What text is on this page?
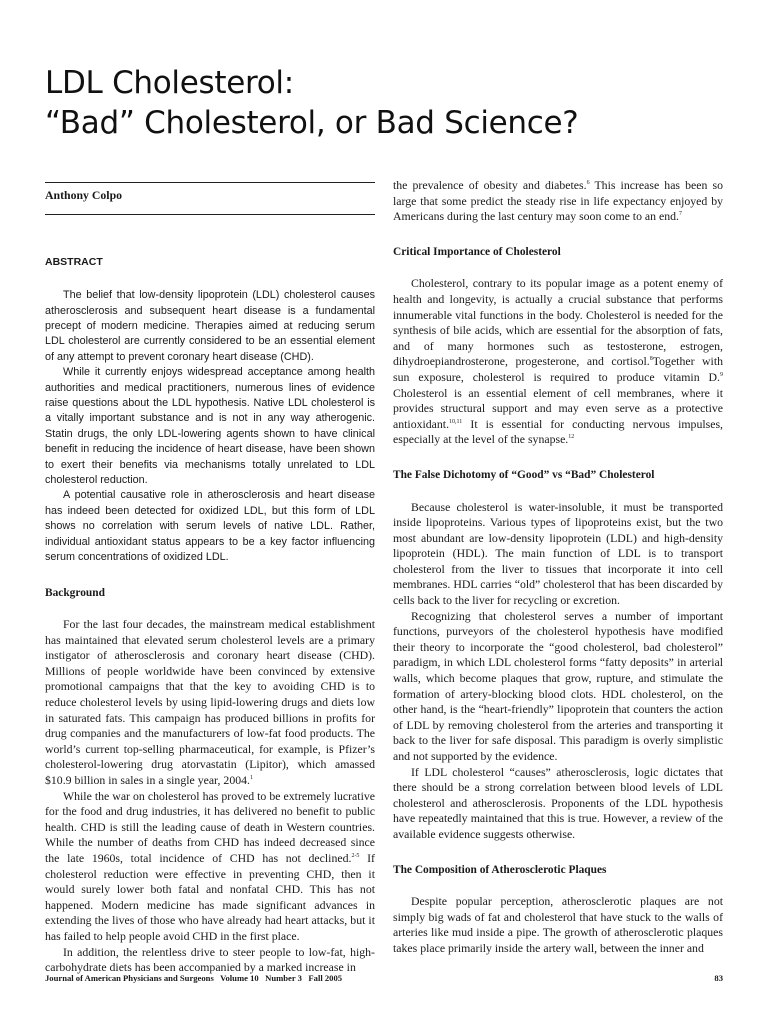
LDL Cholesterol:
“Bad” Cholesterol, or Bad Science?
Anthony Colpo
ABSTRACT

The belief that low-density lipoprotein (LDL) cholesterol causes atherosclerosis and subsequent heart disease is a fundamental precept of modern medicine. Therapies aimed at reducing serum LDL cholesterol are currently considered to be an essential element of any attempt to prevent coronary heart disease (CHD).

While it currently enjoys widespread acceptance among health authorities and medical practitioners, numerous lines of evidence raise questions about the LDL hypothesis. Native LDL cholesterol is a vitally important substance and is not in any way atherogenic. Statin drugs, the only LDL-lowering agents shown to have clinical benefit in reducing the incidence of heart disease, have been shown to exert their benefits via mechanisms totally unrelated to LDL cholesterol reduction.

A potential causative role in atherosclerosis and heart disease has indeed been detected for oxidized LDL, but this form of LDL shows no correlation with serum levels of native LDL. Rather, individual antioxidant status appears to be a key factor influencing serum concentrations of oxidized LDL.

Background

For the last four decades, the mainstream medical establishment has maintained that elevated serum cholesterol levels are a primary instigator of atherosclerosis and coronary heart disease (CHD). Millions of people worldwide have been convinced by extensive promotional campaigns that that the key to avoiding CHD is to reduce cholesterol levels by using lipid-lowering drugs and diets low in saturated fats. This campaign has produced billions in profits for drug companies and the manufacturers of low-fat food products. The world’s current top-selling pharmaceutical, for example, is Pfizer’s cholesterol-lowering drug atorvastatin (Lipitor), which amassed $10.9 billion in sales in a single year, 2004.$^1$

While the war on cholesterol has proved to be extremely lucrative for the food and drug industries, it has delivered no benefit to public health. CHD is still the leading cause of death in Western countries. While the number of deaths from CHD has indeed decreased since the late 1960s, total incidence of CHD has not declined.$^{2-5}$ If cholesterol reduction were effective in preventing CHD, then it would surely lower both fatal and nonfatal CHD. This has not happened. Modern medicine has made significant advances in extending the lives of those who have already had heart attacks, but it has failed to help people avoid CHD in the first place.

In addition, the relentless drive to steer people to low-fat, high-carbohydrate diets has been accompanied by a marked increase in

the prevalence of obesity and diabetes.$^6$ This increase has been so large that some predict the steady rise in life expectancy enjoyed by Americans during the last century may soon come to an end.$^7$

Critical Importance of Cholesterol

Cholesterol, contrary to its popular image as a potent enemy of health and longevity, is actually a crucial substance that performs innumerable vital functions in the body. Cholesterol is needed for the synthesis of bile acids, which are essential for the absorption of fats, and of many hormones such as testosterone, estrogen, dihydroepiandrosterone, progesterone, and cortisol.$^8$Together with sun exposure, cholesterol is required to produce vitamin D.$^9$ Cholesterol is an essential element of cell membranes, where it provides structural support and may even serve as a protective antioxidant.$^{10,11}$ It is essential for conducting nervous impulses, especially at the level of the synapse.$^{12}$

The False Dichotomy of “Good” vs “Bad” Cholesterol

Because cholesterol is water-insoluble, it must be transported inside lipoproteins. Various types of lipoproteins exist, but the two most abundant are low-density lipoprotein (LDL) and high-density lipoprotein (HDL). The main function of LDL is to transport cholesterol from the liver to tissues that incorporate it into cell membranes. HDL carries “old” cholesterol that has been discarded by cells back to the liver for recycling or excretion.

Recognizing that cholesterol serves a number of important functions, purveyors of the cholesterol hypothesis have modified their theory to incorporate the “good cholesterol, bad cholesterol” paradigm, in which LDL cholesterol forms “fatty deposits” in arterial walls, which become plaques that grow, rupture, and stimulate the formation of artery-blocking blood clots. HDL cholesterol, on the other hand, is the “heart-friendly” lipoprotein that counters the action of LDL by removing cholesterol from the arteries and transporting it back to the liver for safe disposal. This paradigm is overly simplistic and not supported by the evidence.

If LDL cholesterol “causes” atherosclerosis, logic dictates that there should be a strong correlation between blood levels of LDL cholesterol and atherosclerosis. Proponents of the LDL hypothesis have repeatedly maintained that this is true. However, a review of the available evidence suggests otherwise.

The Composition of Atherosclerotic Plaques

Despite popular perception, atherosclerotic plaques are not simply big wads of fat and cholesterol that have stuck to the walls of arteries like mud inside a pipe. The growth of atherosclerotic plaques takes place primarily inside the artery wall, between the inner and

Journal of American Physicians and Surgeons   Volume 10   Number 3   Fall 2005	83
